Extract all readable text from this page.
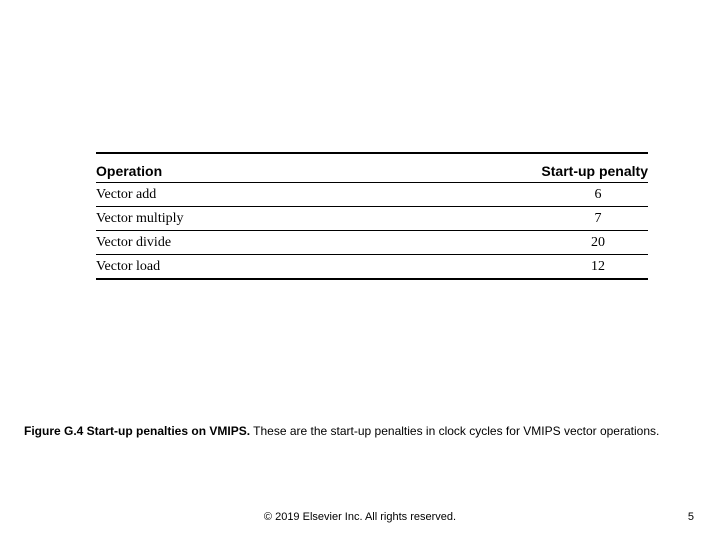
Operation	Start-up penalty
Vector add	6
Vector multiply	7
Vector divide	20
Vector load	12
Figure G.4 Start-up penalties on VMIPS. These are the start-up penalties in clock cycles for VMIPS vector operations.
© 2019 Elsevier Inc. All rights reserved.	5
